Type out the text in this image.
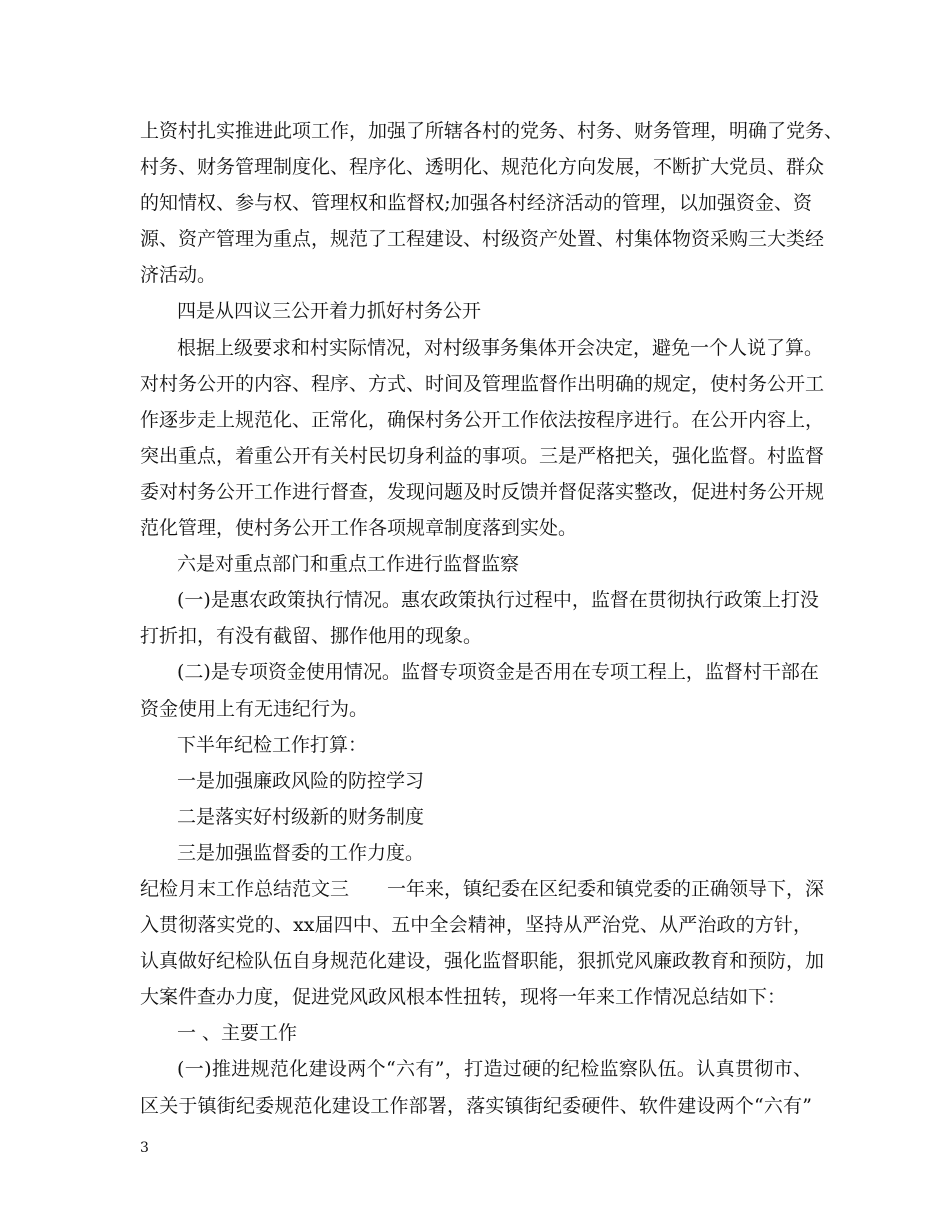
上资村扎实推进此项工作，加强了所辖各村的党务、村务、财务管理，明确了党务、
村务、财务管理制度化、程序化、透明化、规范化方向发展，不断扩大党员、群众
的知情权、参与权、管理权和监督权;加强各村经济活动的管理，以加强资金、资
源、资产管理为重点，规范了工程建设、村级资产处置、村集体物资采购三大类经
济活动。
四是从四议三公开着力抓好村务公开
根据上级要求和村实际情况，对村级事务集体开会决定，避免一个人说了算。
对村务公开的内容、程序、方式、时间及管理监督作出明确的规定，使村务公开工
作逐步走上规范化、正常化，确保村务公开工作依法按程序进行。在公开内容上，
突出重点，着重公开有关村民切身利益的事项。三是严格把关，强化监督。村监督
委对村务公开工作进行督查，发现问题及时反馈并督促落实整改，促进村务公开规
范化管理，使村务公开工作各项规章制度落到实处。
六是对重点部门和重点工作进行监督监察
(一)是惠农政策执行情况。惠农政策执行过程中，监督在贯彻执行政策上打没
打折扣，有没有截留、挪作他用的现象。
(二)是专项资金使用情况。监督专项资金是否用在专项工程上，监督村干部在
资金使用上有无违纪行为。
下半年纪检工作打算：
一是加强廉政风险的防控学习
二是落实好村级新的财务制度
三是加强监督委的工作力度。
纪检月末工作总结范文三 一年来，镇纪委在区纪委和镇党委的正确领导下，深
入贯彻落实党的、xx届四中、五中全会精神，坚持从严治党、从严治政的方针，
认真做好纪检队伍自身规范化建设，强化监督职能，狠抓党风廉政教育和预防，加
大案件查办力度，促进党风政风根本性扭转，现将一年来工作情况总结如下：
一 、主要工作
(一)推进规范化建设两个“六有”，打造过硬的纪检监察队伍。认真贯彻市、
区关于镇街纪委规范化建设工作部署，落实镇街纪委硬件、软件建设两个“六有”
3
